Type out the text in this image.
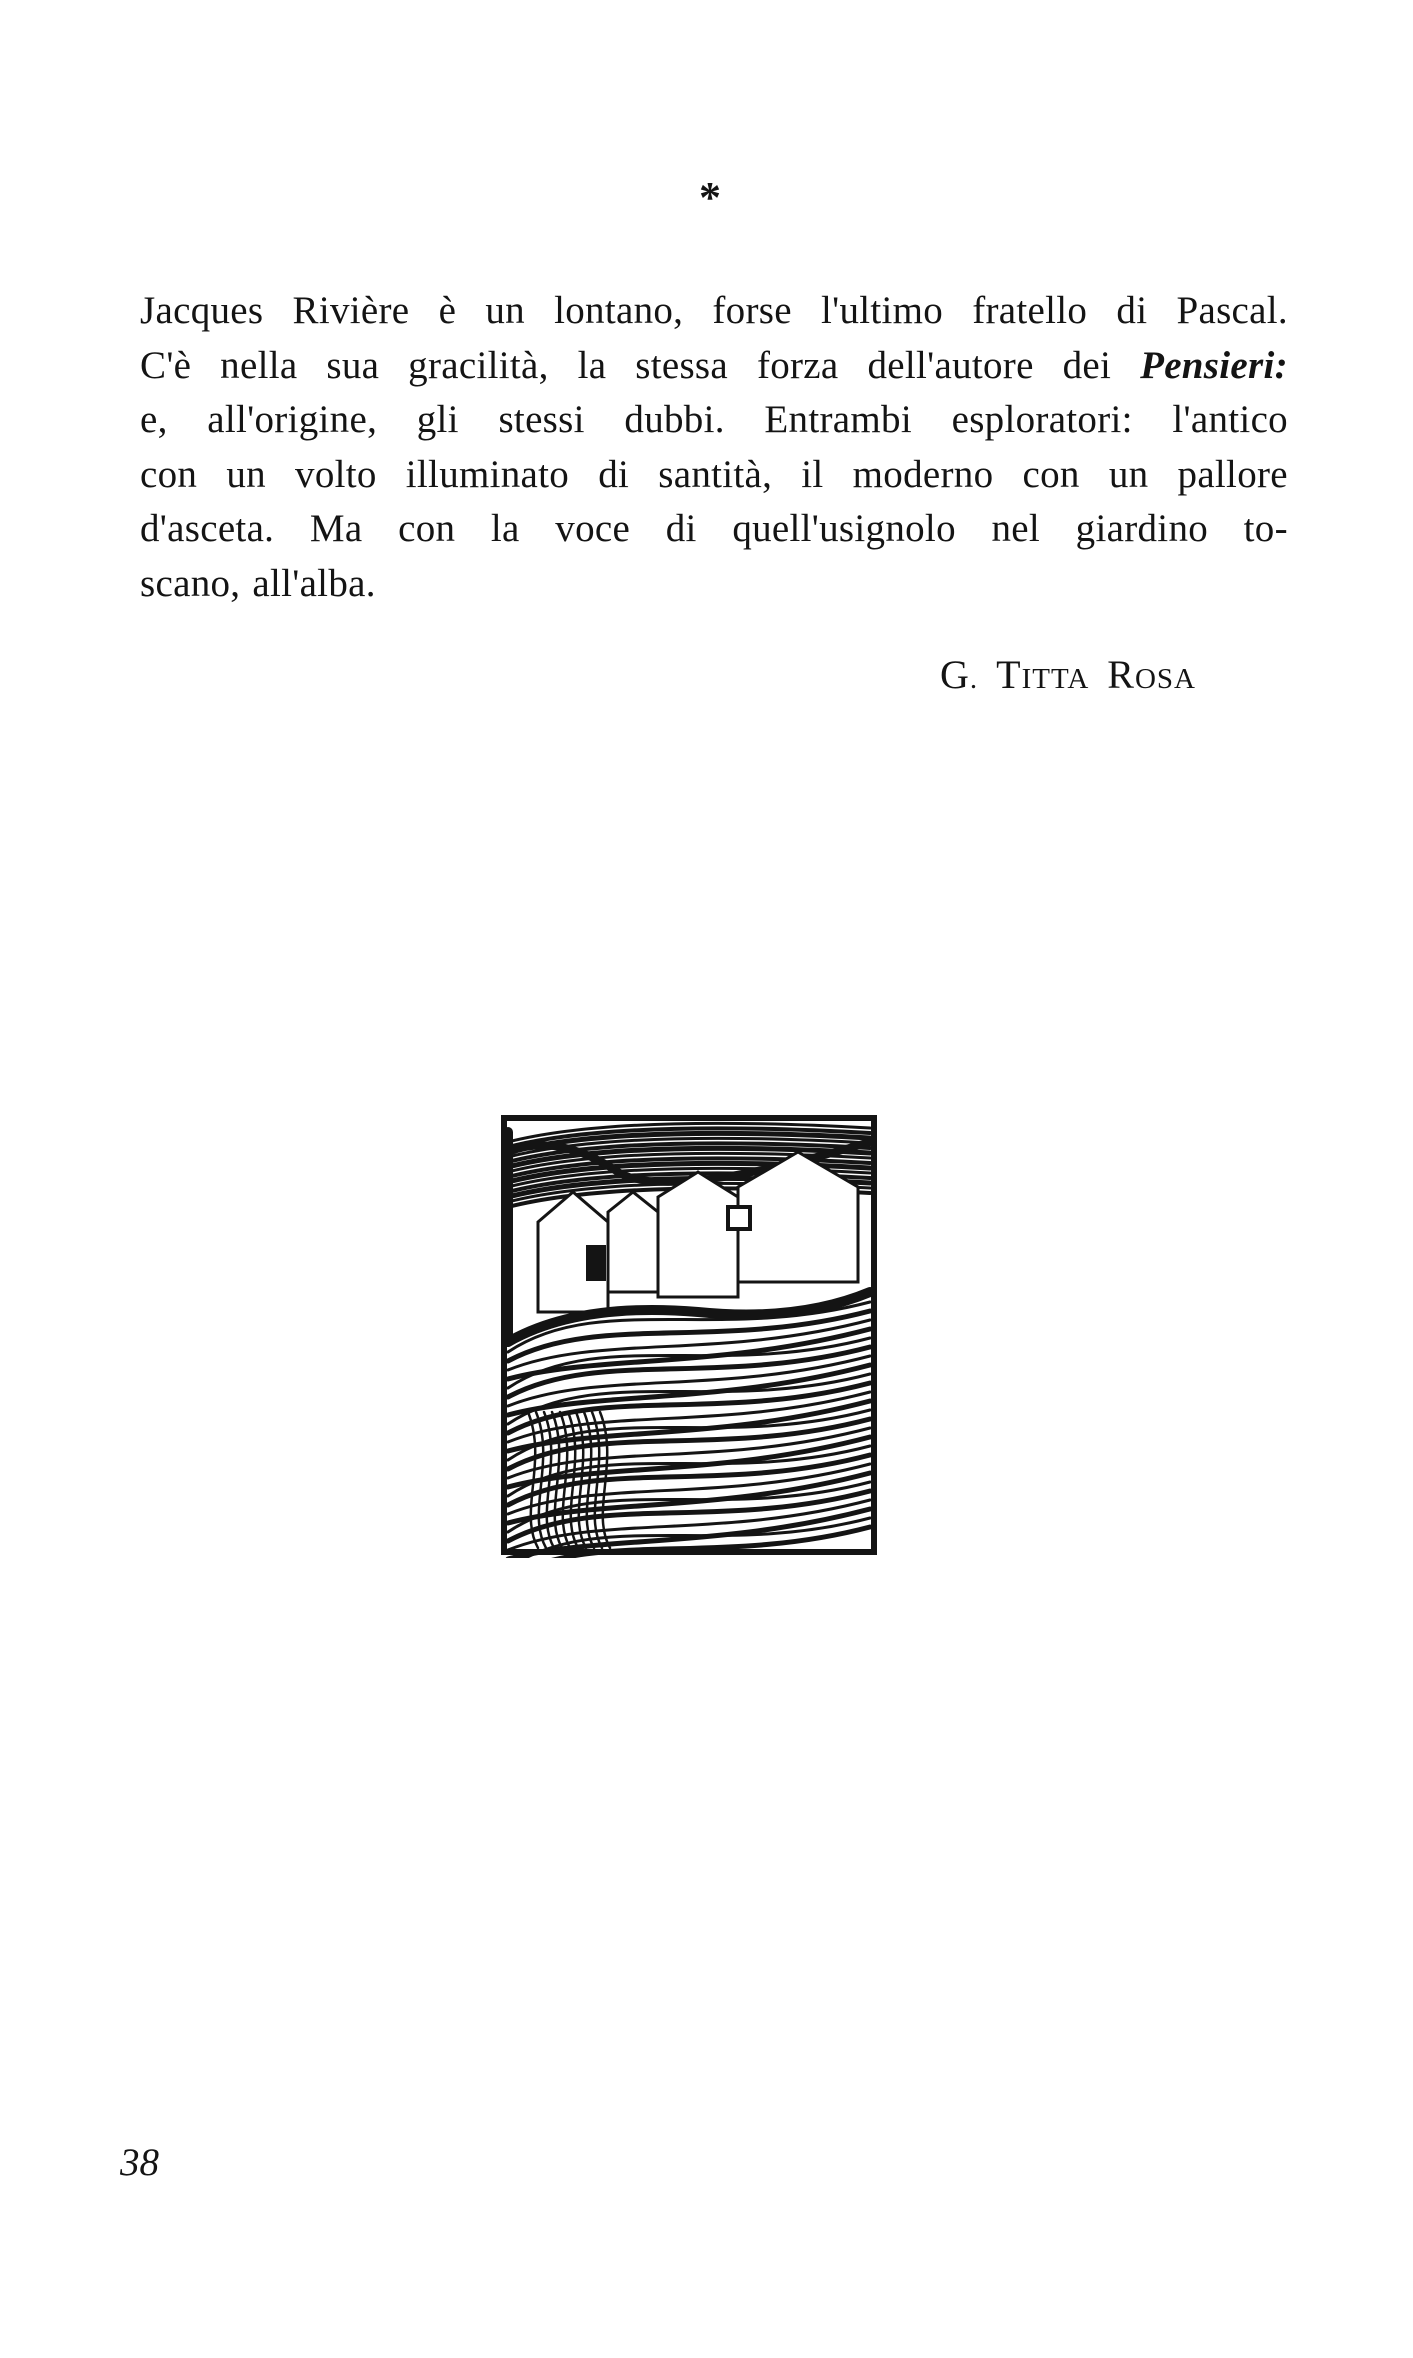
*
Jacques Rivière è un lontano, forse l'ultimo fratello di Pascal.
C'è nella sua gracilità, la stessa forza dell'autore dei Pensieri:
e, all'origine, gli stessi dubbi. Entrambi esploratori: l'antico
con un volto illuminato di santità, il moderno con un pallore
d'asceta. Ma con la voce di quell'usignolo nel giardino to-
scano, all'alba.
G. TITTA ROSA
38
